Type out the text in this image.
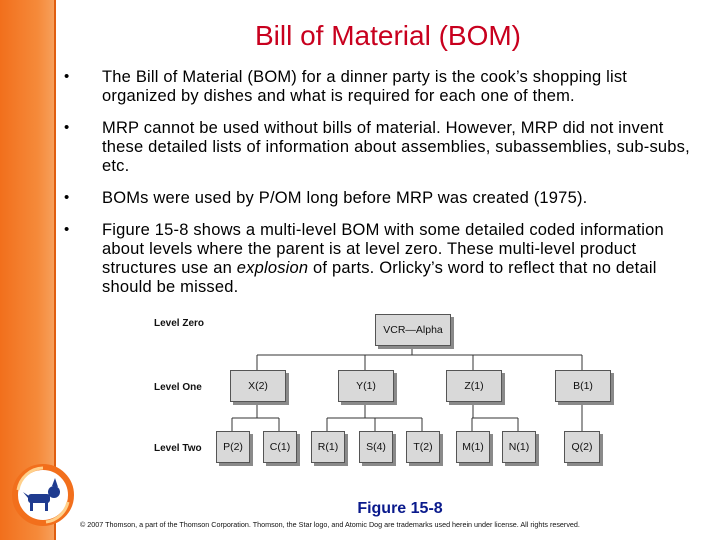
Bill of Material (BOM)
• The Bill of Material (BOM) for a dinner party is the cook’s shopping list organized by dishes and what is required for each one of them.
• MRP cannot be used without bills of material. However, MRP did not invent these detailed lists of information about assemblies, subassemblies, sub-subs, etc.
• BOMs were used by P/OM long before MRP was created (1975).
• Figure 15-8 shows a multi-level BOM with some detailed coded information about levels where the parent is at level zero. These multi-level product structures use an explosion of parts. Orlicky’s word to reflect that no detail should be missed.
Level Zero
Level One
Level Two
VCR—Alpha
X(2)	Y(1)	Z(1)	B(1)
P(2)	C(1)	R(1)	S(4)	T(2)	M(1)	N(1)	Q(2)
Figure 15-8
© 2007 Thomson, a part of the Thomson Corporation. Thomson, the Star logo, and Atomic Dog are trademarks used herein under license. All rights reserved.
